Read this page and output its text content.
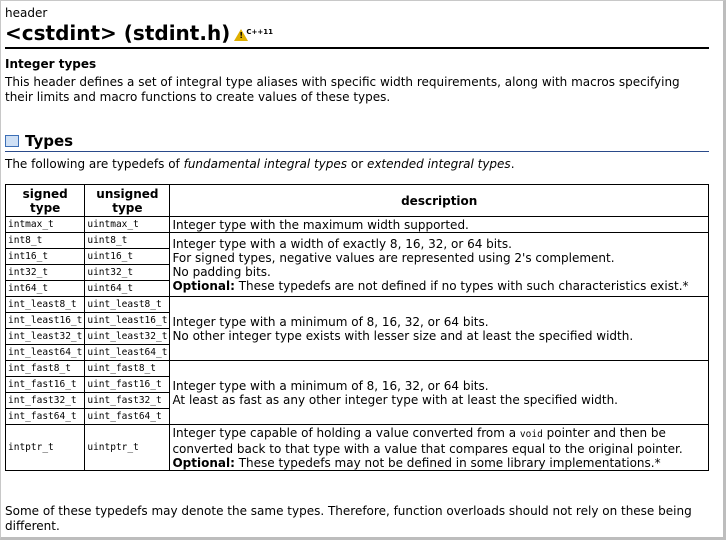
header
<cstdint> (stdint.h) ! C++11
Integer types
This header defines a set of integral type aliases with specific width requirements, along with macros specifying their limits and macro functions to create values of these types.
Types
The following are typedefs of fundamental integral types or extended integral types.
signed type	unsigned type	description
intmax_t	uintmax_t	Integer type with the maximum width supported.
int8_t	uint8_t	Integer type with a width of exactly 8, 16, 32, or 64 bits.
For signed types, negative values are represented using 2's complement.
No padding bits.
Optional: These typedefs are not defined if no types with such characteristics exist.*

int16_t	uint16_t	
int32_t	uint32_t	
int64_t	uint64_t	
int_least8_t	uint_least8_t	Integer type with a minimum of 8, 16, 32, or 64 bits.
No other integer type exists with lesser size and at least the specified width.

int_least16_t	uint_least16_t	
int_least32_t	uint_least32_t	
int_least64_t	uint_least64_t	
int_fast8_t	uint_fast8_t	Integer type with a minimum of 8, 16, 32, or 64 bits.
At least as fast as any other integer type with at least the specified width.

int_fast16_t	uint_fast16_t	
int_fast32_t	uint_fast32_t	
int_fast64_t	uint_fast64_t	
intptr_t	uintptr_t	Integer type capable of holding a value converted from a void pointer and then be converted back to that type with a value that compares equal to the original pointer.
Optional: These typedefs may not be defined in some library implementations.*
Some of these typedefs may denote the same types. Therefore, function overloads should not rely on these being different.
